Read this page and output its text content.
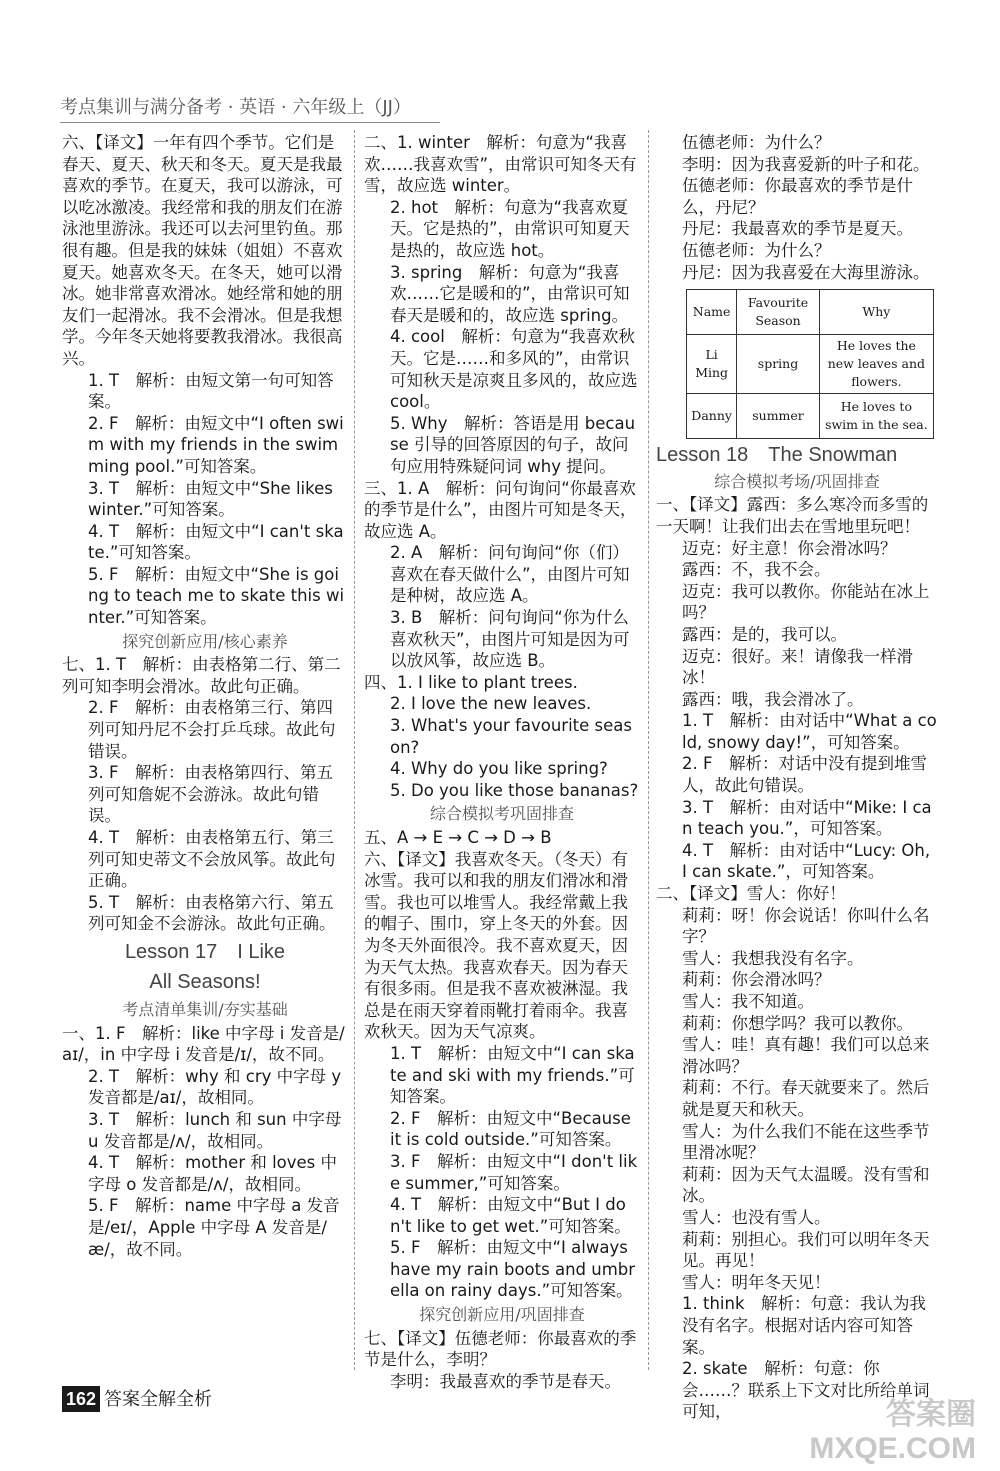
考点集训与满分备考 · 英语 · 六年级上（JJ）

六、【译文】一年有四个季节。它们是春天、夏天、秋天和冬天。夏天是我最喜欢的季节。在夏天，我可以游泳，可以吃冰激凌。我经常和我的朋友们在游泳池里游泳。我还可以去河里钓鱼。那很有趣。但是我的妹妹（姐姐）不喜欢夏天。她喜欢冬天。在冬天，她可以滑冰。她非常喜欢滑冰。她经常和她的朋友们一起滑冰。我不会滑冰。但是我想学。今年冬天她将要教我滑冰。我很高兴。

1. T　解析：由短文第一句可知答案。

2. F　解析：由短文中“I often swim with my friends in the swimming pool.”可知答案。

3. T　解析：由短文中“She likes winter.”可知答案。

4. T　解析：由短文中“I can't skate.”可知答案。

5. F　解析：由短文中“She is going to teach me to skate this winter.”可知答案。

探究创新应用/核心素养

七、1. T　解析：由表格第二行、第二列可知李明会滑冰。故此句正确。

2. F　解析：由表格第三行、第四列可知丹尼不会打乒乓球。故此句错误。

3. F　解析：由表格第四行、第五列可知詹妮不会游泳。故此句错误。

4. T　解析：由表格第五行、第三列可知史蒂文不会放风筝。故此句正确。

5. T　解析：由表格第六行、第五列可知金不会游泳。故此句正确。

Lesson 17　I Like

All Seasons!

考点清单集训/夯实基础

一、1. F　解析：like 中字母 i 发音是/aɪ/，in 中字母 i 发音是/ɪ/，故不同。

2. T　解析：why 和 cry 中字母 y 发音都是/aɪ/，故相同。

3. T　解析：lunch 和 sun 中字母 u 发音都是/ʌ/，故相同。

4. T　解析：mother 和 loves 中字母 o 发音都是/ʌ/，故相同。

5. F　解析：name 中字母 a 发音是/eɪ/，Apple 中字母 A 发音是/æ/，故不同。

二、1. winter　解析：句意为“我喜欢……我喜欢雪”，由常识可知冬天有雪，故应选 winter。

2. hot　解析：句意为“我喜欢夏天。它是热的”，由常识可知夏天是热的，故应选 hot。

3. spring　解析：句意为“我喜欢……它是暖和的”，由常识可知春天是暖和的，故应选 spring。

4. cool　解析：句意为“我喜欢秋天。它是……和多风的”，由常识可知秋天是凉爽且多风的，故应选 cool。

5. Why　解析：答语是用 because 引导的回答原因的句子，故问句应用特殊疑问词 why 提问。

三、1. A　解析：问句询问“你最喜欢的季节是什么”，由图片可知是冬天，故应选 A。

2. A　解析：问句询问“你（们）喜欢在春天做什么”，由图片可知是种树，故应选 A。

3. B　解析：问句询问“你为什么喜欢秋天”，由图片可知是因为可以放风筝，故应选 B。

四、1. I like to plant trees.

2. I love the new leaves.

3. What's your favourite season?

4. Why do you like spring?

5. Do you like those bananas?

综合模拟考巩固排查

五、A → E → C → D → B

六、【译文】我喜欢冬天。（冬天）有冰雪。我可以和我的朋友们滑冰和滑雪。我也可以堆雪人。我经常戴上我的帽子、围巾，穿上冬天的外套。因为冬天外面很冷。我不喜欢夏天，因为天气太热。我喜欢春天。因为春天有很多雨。但是我不喜欢被淋湿。我总是在雨天穿着雨靴打着雨伞。我喜欢秋天。因为天气凉爽。

1. T　解析：由短文中“I can skate and ski with my friends.”可知答案。

2. F　解析：由短文中“Because it is cold outside.”可知答案。

3. F　解析：由短文中“I don't like summer,”可知答案。

4. T　解析：由短文中“But I don't like to get wet.”可知答案。

5. F　解析：由短文中“I always have my rain boots and umbrella on rainy days.”可知答案。

探究创新应用/巩固排查

七、【译文】伍德老师：你最喜欢的季节是什么，李明？

李明：我最喜欢的季节是春天。

伍德老师：为什么？

李明：因为我喜爱新的叶子和花。

伍德老师：你最喜欢的季节是什么，丹尼？

丹尼：我最喜欢的季节是夏天。

伍德老师：为什么？

丹尼：因为我喜爱在大海里游泳。

Name	Favourite Season	Why
Li Ming	spring	He loves the new leaves and flowers.
Danny	summer	He loves to swim in the sea.

Lesson 18　The Snowman

综合模拟考场/巩固排查

一、【译文】露西：多么寒冷而多雪的一天啊！让我们出去在雪地里玩吧！

迈克：好主意！你会滑冰吗？

露西：不，我不会。

迈克：我可以教你。你能站在冰上吗？

露西：是的，我可以。

迈克：很好。来！请像我一样滑冰！

露西：哦，我会滑冰了。

1. T　解析：由对话中“What a cold, snowy day!”，可知答案。

2. F　解析：对话中没有提到堆雪人，故此句错误。

3. T　解析：由对话中“Mike: I can teach you.”，可知答案。

4. T　解析：由对话中“Lucy: Oh, I can skate.”，可知答案。

二、【译文】雪人：你好！

莉莉：呀！你会说话！你叫什么名字？

雪人：我想我没有名字。

莉莉：你会滑冰吗？

雪人：我不知道。

莉莉：你想学吗？我可以教你。

雪人：哇！真有趣！我们可以总来滑冰吗？

莉莉：不行。春天就要来了。然后就是夏天和秋天。

雪人：为什么我们不能在这些季节里滑冰呢？

莉莉：因为天气太温暖。没有雪和冰。

雪人：也没有雪人。

莉莉：别担心。我们可以明年冬天见。再见！

雪人：明年冬天见！

1. think　解析：句意：我认为我没有名字。根据对话内容可知答案。

2. skate　解析：句意：你会……？联系上下文对比所给单词可知，

162 答案全解全析	答案圈
MXQE.COM
